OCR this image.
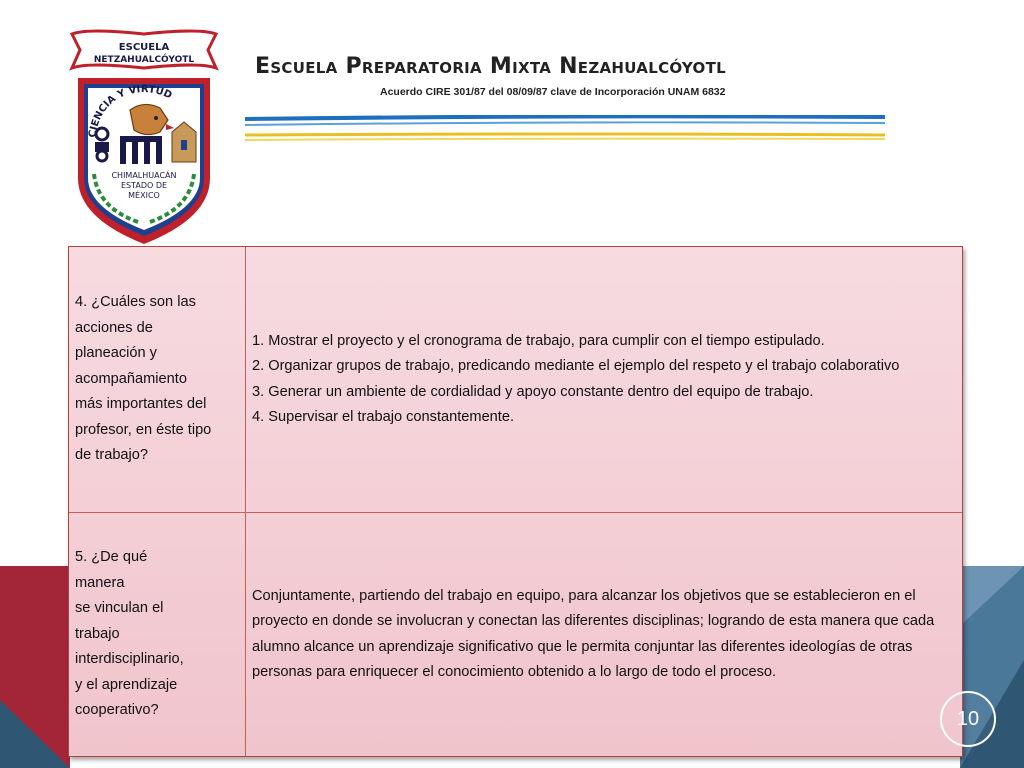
ESCUELA
NETZAHUALCÓYOTL
CIENCIA Y VIRTUD
CHIMALHUACÁN
ESTADO DE
MÉXICO
Escuela Preparatoria Mixta Nezahualcóyotl
Acuerdo CIRE 301/87 del 08/09/87 clave de Incorporación UNAM 6832
4. ¿Cuáles son las
acciones de
planeación y
acompañamiento
más importantes del
profesor, en éste tipo
de trabajo?

1. Mostrar el proyecto y el cronograma de trabajo, para cumplir con el tiempo estipulado.

2. Organizar grupos de trabajo, predicando mediante el ejemplo del respeto y el trabajo colaborativo

3. Generar un ambiente de cordialidad y apoyo constante dentro del equipo de trabajo.

4. Supervisar el trabajo constantemente.

5. ¿De qué
manera
se vinculan el
trabajo
interdisciplinario,
y el aprendizaje
cooperativo?

Conjuntamente, partiendo del trabajo en equipo, para alcanzar los objetivos que se establecieron en el proyecto en donde se involucran y conectan las diferentes disciplinas; logrando de esta manera que cada alumno alcance un aprendizaje significativo que le permita conjuntar las diferentes ideologías de otras personas para enriquecer el conocimiento obtenido a lo largo de todo el proceso.

10
